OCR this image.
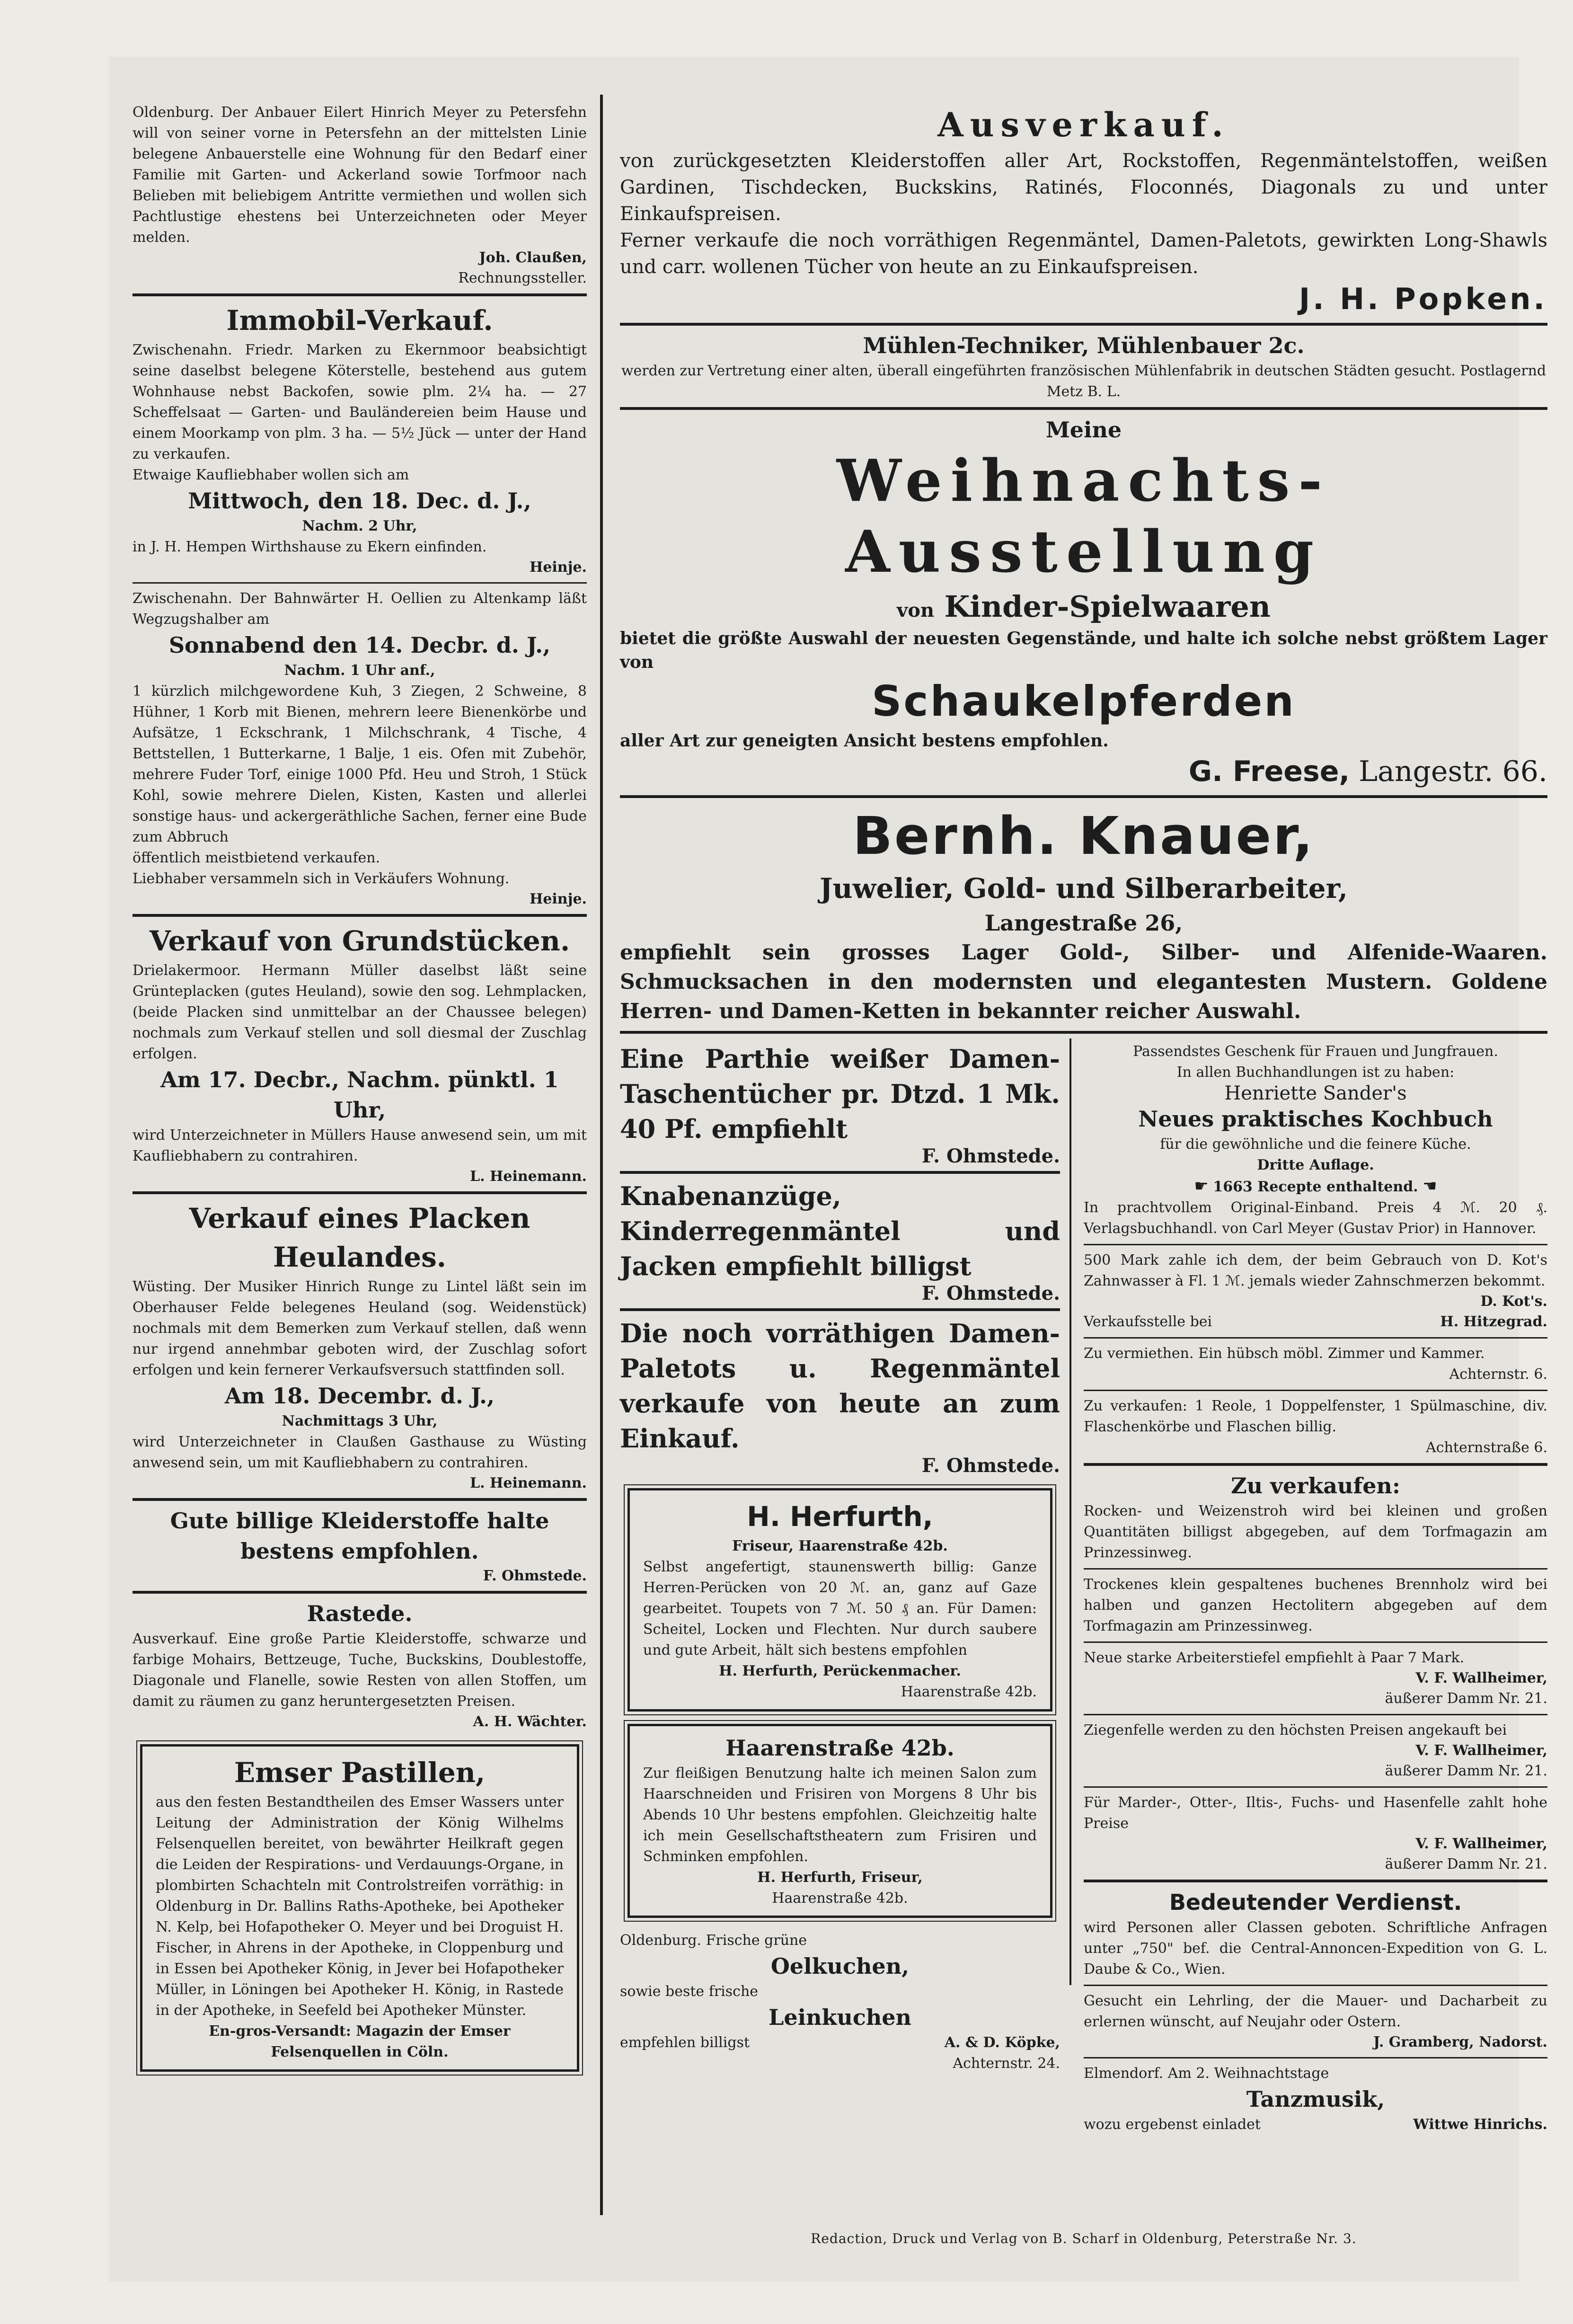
Oldenburg. Der Anbauer Eilert Hinrich Meyer zu Petersfehn will von seiner vorne in Petersfehn an der mittelsten Linie belegene Anbauerstelle eine Wohnung für den Bedarf einer Familie mit Garten- und Ackerland sowie Torfmoor nach Belieben mit beliebigem Antritte vermiethen und wollen sich Pachtlustige ehestens bei Unterzeichneten oder Meyer melden.

Joh. Claußen,
Rechnungssteller.
Immobil-Verkauf.

Zwischenahn. Friedr. Marken zu Ekernmoor beabsichtigt seine daselbst belegene Köterstelle, bestehend aus gutem Wohnhause nebst Backofen, sowie plm. 2¼ ha. — 27 Scheffelsaat — Garten- und Bauländereien beim Hause und einem Moorkamp von plm. 3 ha. — 5½ Jück — unter der Hand zu verkaufen.

Etwaige Kaufliebhaber wollen sich am

Mittwoch, den 18. Dec. d. J.,
Nachm. 2 Uhr,

in J. H. Hempen Wirthshause zu Ekern einfinden.

Heinje.

Zwischenahn. Der Bahnwärter H. Oellien zu Altenkamp läßt Wegzugshalber am

Sonnabend den 14. Decbr. d. J.,
Nachm. 1 Uhr anf.,

1 kürzlich milchgewordene Kuh, 3 Ziegen, 2 Schweine, 8 Hühner, 1 Korb mit Bienen, mehrern leere Bienenkörbe und Aufsätze, 1 Eckschrank, 1 Milchschrank, 4 Tische, 4 Bettstellen, 1 Butterkarne, 1 Balje, 1 eis. Ofen mit Zubehör, mehrere Fuder Torf, einige 1000 Pfd. Heu und Stroh, 1 Stück Kohl, sowie mehrere Dielen, Kisten, Kasten und allerlei sonstige haus- und ackergeräthliche Sachen, ferner eine Bude zum Abbruch

öffentlich meistbietend verkaufen.

Liebhaber versammeln sich in Verkäufers Wohnung.

Heinje.
Verkauf von Grundstücken.

Drielakermoor. Hermann Müller daselbst läßt seine Grünteplacken (gutes Heuland), sowie den sog. Lehmplacken, (beide Placken sind unmittelbar an der Chaussee belegen) nochmals zum Verkauf stellen und soll diesmal der Zuschlag erfolgen.

Am 17. Decbr., Nachm. pünktl. 1 Uhr,

wird Unterzeichneter in Müllers Hause anwesend sein, um mit Kaufliebhabern zu contrahiren.

L. Heinemann.
Verkauf eines Placken Heulandes.

Wüsting. Der Musiker Hinrich Runge zu Lintel läßt sein im Oberhauser Felde belegenes Heuland (sog. Weidenstück) nochmals mit dem Bemerken zum Verkauf stellen, daß wenn nur irgend annehmbar geboten wird, der Zuschlag sofort erfolgen und kein fernerer Verkaufsversuch stattfinden soll.

Am 18. Decembr. d. J.,
Nachmittags 3 Uhr,

wird Unterzeichneter in Claußen Gasthause zu Wüsting anwesend sein, um mit Kaufliebhabern zu contrahiren.

L. Heinemann.
Gute billige Kleiderstoffe halte bestens empfohlen.
F. Ohmstede.
Rastede.

Ausverkauf. Eine große Partie Kleiderstoffe, schwarze und farbige Mohairs, Bettzeuge, Tuche, Buckskins, Doublestoffe, Diagonale und Flanelle, sowie Resten von allen Stoffen, um damit zu räumen zu ganz heruntergesetzten Preisen.

A. H. Wächter.
Emser Pastillen,

aus den festen Bestandtheilen des Emser Wassers unter Leitung der Administration der König Wilhelms Felsenquellen bereitet, von bewährter Heilkraft gegen die Leiden der Respirations- und Verdauungs-Organe, in plombirten Schachteln mit Controlstreifen vorräthig: in Oldenburg in Dr. Ballins Raths-Apotheke, bei Apotheker N. Kelp, bei Hofapotheker O. Meyer und bei Droguist H. Fischer, in Ahrens in der Apotheke, in Cloppenburg und in Essen bei Apotheker König, in Jever bei Hofapotheker Müller, in Löningen bei Apotheker H. König, in Rastede in der Apotheke, in Seefeld bei Apotheker Münster.

En-gros-Versandt: Magazin der Emser Felsenquellen in Cöln.

Ausverkauf.

von zurückgesetzten Kleiderstoffen aller Art, Rockstoffen, Regenmäntelstoffen, weißen Gardinen, Tischdecken, Buckskins, Ratinés, Floconnés, Diagonals zu und unter Einkaufspreisen.

Ferner verkaufe die noch vorräthigen Regenmäntel, Damen-Paletots, gewirkten Long-Shawls und carr. wollenen Tücher von heute an zu Einkaufspreisen.

J. H. Popken.
Mühlen-Techniker, Mühlenbauer 2c.

werden zur Vertretung einer alten, überall eingeführten französischen Mühlenfabrik in deutschen Städten gesucht. Postlagernd Metz B. L.

Meine
Weihnachts-Ausstellung
von Kinder-Spielwaaren

bietet die größte Auswahl der neuesten Gegenstände, und halte ich solche nebst größtem Lager von

Schaukelpferden

aller Art zur geneigten Ansicht bestens empfohlen.

G. Freese, Langestr. 66.
Bernh. Knauer,
Juwelier, Gold- und Silberarbeiter,
Langestraße 26,

empfiehlt sein grosses Lager Gold-, Silber- und Alfenide-Waaren. Schmucksachen in den modernsten und elegantesten Mustern. Goldene Herren- und Damen-Ketten in bekannter reicher Auswahl.

Eine Parthie weißer Damen-Taschentücher pr. Dtzd. 1 Mk. 40 Pf. empfiehlt

F. Ohmstede.

Knabenanzüge, Kinderregenmäntel und Jacken empfiehlt billigst

F. Ohmstede.

Die noch vorräthigen Damen-Paletots u. Regenmäntel verkaufe von heute an zum Einkauf.

F. Ohmstede.
H. Herfurth,
Friseur, Haarenstraße 42b.

Selbst angefertigt, staunenswerth billig: Ganze Herren-Perücken von 20 ℳ. an, ganz auf Gaze gearbeitet. Toupets von 7 ℳ. 50 ₰ an. Für Damen: Scheitel, Locken und Flechten. Nur durch saubere und gute Arbeit, hält sich bestens empfohlen

H. Herfurth, Perückenmacher.
Haarenstraße 42b.
Haarenstraße 42b.

Zur fleißigen Benutzung halte ich meinen Salon zum Haarschneiden und Frisiren von Morgens 8 Uhr bis Abends 10 Uhr bestens empfohlen. Gleichzeitig halte ich mein Gesellschaftstheatern zum Frisiren und Schminken empfohlen.

H. Herfurth, Friseur,
Haarenstraße 42b.

Oldenburg. Frische grüne

Oelkuchen,

sowie beste frische

Leinkuchen
empfehlen billigst	A. & D. Köpke,
Achternstr. 24.
Passendstes Geschenk für Frauen und Jungfrauen.
In allen Buchhandlungen ist zu haben:
Henriette Sander's
Neues praktisches Kochbuch
für die gewöhnliche und die feinere Küche.
Dritte Auflage.
☛ 1663 Recepte enthaltend. ☚

In prachtvollem Original-Einband. Preis 4 ℳ. 20 ₰. Verlagsbuchhandl. von Carl Meyer (Gustav Prior) in Hannover.

500 Mark zahle ich dem, der beim Gebrauch von D. Kot's Zahnwasser à Fl. 1 ℳ. jemals wieder Zahnschmerzen bekommt.

D. Kot's.
Verkaufsstelle bei	H. Hitzegrad.

Zu vermiethen. Ein hübsch möbl. Zimmer und Kammer.

Achternstr. 6.

Zu verkaufen: 1 Reole, 1 Doppelfenster, 1 Spülmaschine, div. Flaschenkörbe und Flaschen billig.

Achternstraße 6.
Zu verkaufen:

Rocken- und Weizenstroh wird bei kleinen und großen Quantitäten billigst abgegeben, auf dem Torfmagazin am Prinzessinweg.

Trockenes klein gespaltenes buchenes Brennholz wird bei halben und ganzen Hectolitern abgegeben auf dem Torfmagazin am Prinzessinweg.

Neue starke Arbeiterstiefel empfiehlt à Paar 7 Mark.

V. F. Wallheimer,
äußerer Damm Nr. 21.

Ziegenfelle werden zu den höchsten Preisen angekauft bei

V. F. Wallheimer,
äußerer Damm Nr. 21.

Für Marder-, Otter-, Iltis-, Fuchs- und Hasenfelle zahlt hohe Preise

V. F. Wallheimer,
äußerer Damm Nr. 21.
Bedeutender Verdienst.

wird Personen aller Classen geboten. Schriftliche Anfragen unter „750" bef. die Central-Annoncen-Expedition von G. L. Daube & Co., Wien.

Gesucht ein Lehrling, der die Mauer- und Dacharbeit zu erlernen wünscht, auf Neujahr oder Ostern.

J. Gramberg, Nadorst.

Elmendorf. Am 2. Weihnachtstage

Tanzmusik,
wozu ergebenst einladet	Wittwe Hinrichs.
Redaction, Druck und Verlag von B. Scharf in Oldenburg, Peterstraße Nr. 3.
